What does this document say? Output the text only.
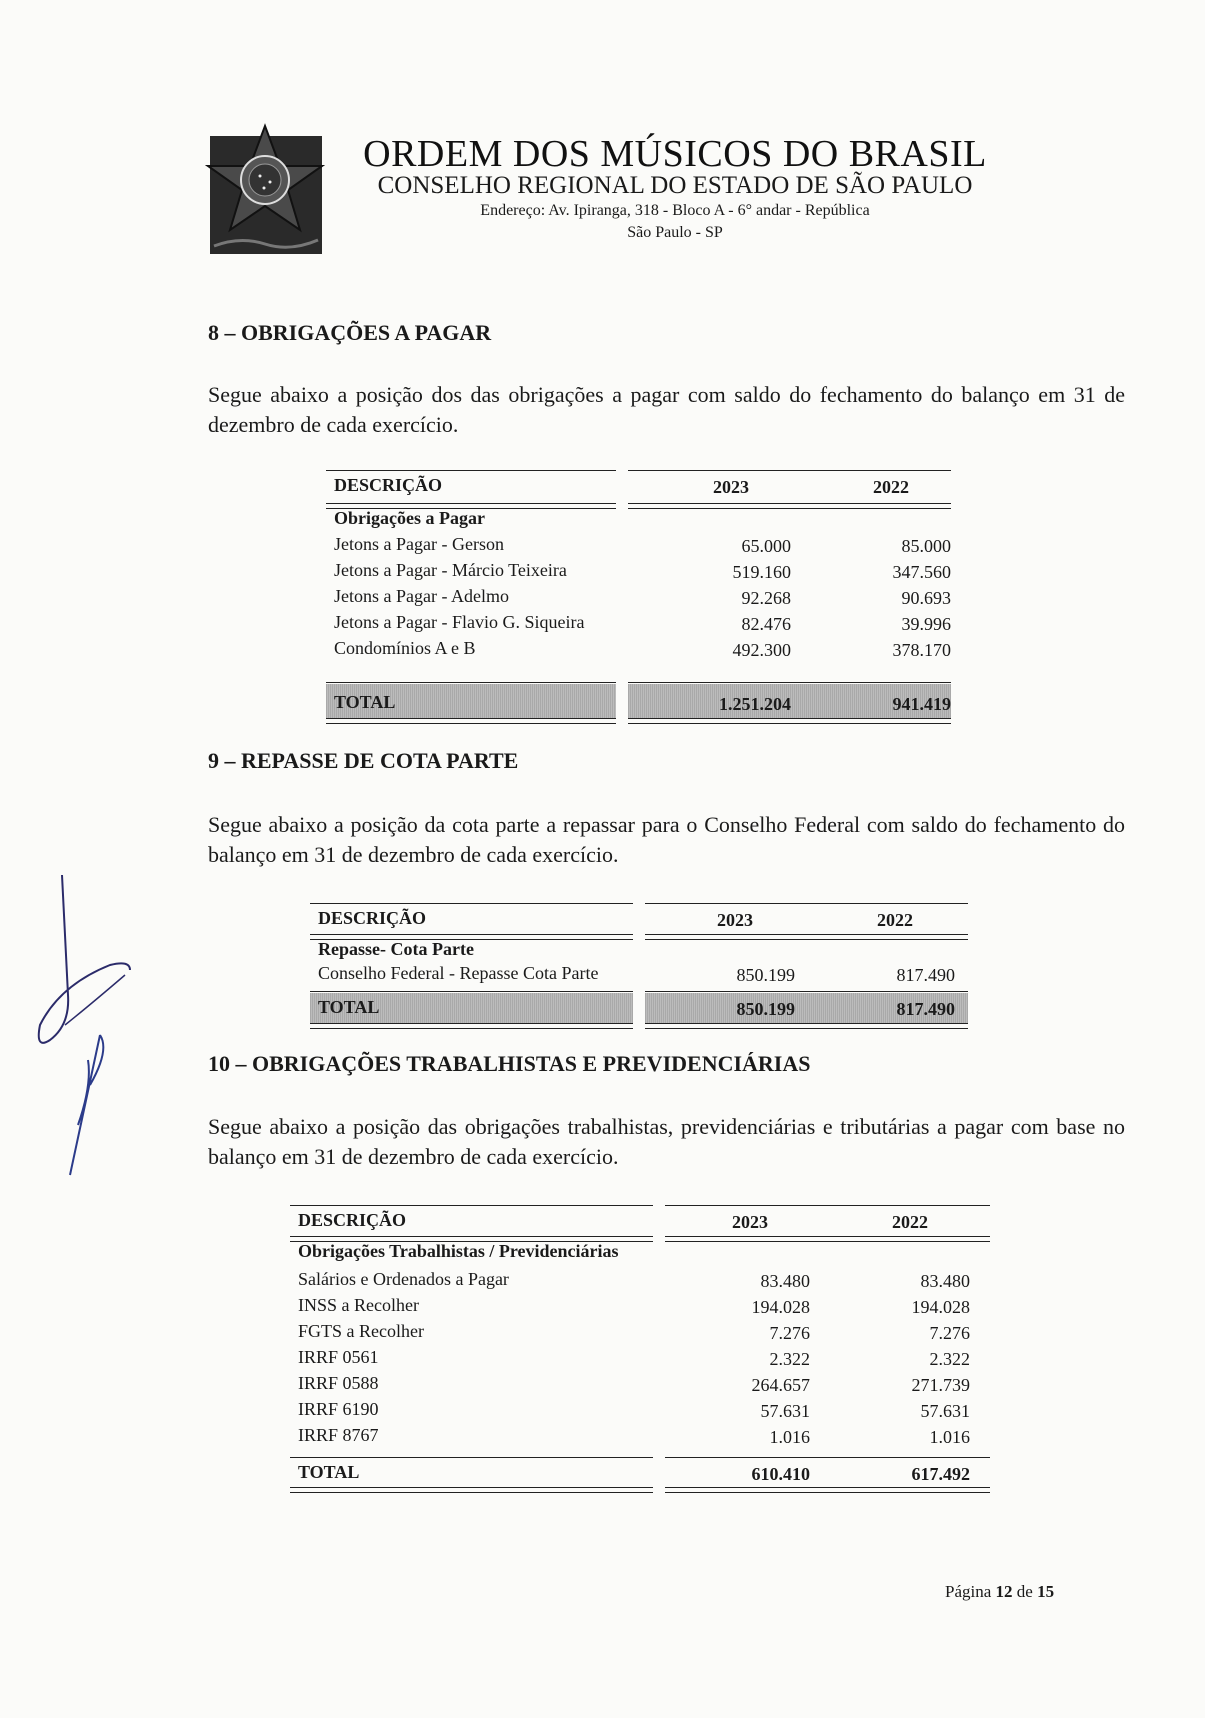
ORDEM DOS MÚSICOS DO BRASIL
CONSELHO REGIONAL DO ESTADO DE SÃO PAULO
Endereço: Av. Ipiranga, 318 - Bloco A - 6° andar - República
São Paulo - SP
8 – OBRIGAÇÕES A PAGAR
Segue abaixo a posição dos das obrigações a pagar com saldo do fechamento do balanço em 31 de dezembro de cada exercício.
DESCRIÇÃO	2023	2022
Obrigações a Pagar
Jetons a Pagar - Gerson	65.000	85.000
Jetons a Pagar - Márcio Teixeira	519.160	347.560
Jetons a Pagar - Adelmo	92.268	90.693
Jetons a Pagar - Flavio G. Siqueira	82.476	39.996
Condomínios A e B	492.300	378.170
TOTAL	1.251.204	941.419
9 – REPASSE DE COTA PARTE
Segue abaixo a posição da cota parte a repassar para o Conselho Federal com saldo do fechamento do balanço em 31 de dezembro de cada exercício.
DESCRIÇÃO	2023	2022
Repasse- Cota Parte
Conselho Federal - Repasse Cota Parte	850.199	817.490
TOTAL	850.199	817.490
10 – OBRIGAÇÕES TRABALHISTAS E PREVIDENCIÁRIAS
Segue abaixo a posição das obrigações trabalhistas, previdenciárias e tributárias a pagar com base no balanço em 31 de dezembro de cada exercício.
DESCRIÇÃO	2023	2022
Obrigações Trabalhistas / Previdenciárias
Salários e Ordenados a Pagar	83.480	83.480
INSS a Recolher	194.028	194.028
FGTS a Recolher	7.276	7.276
IRRF 0561	2.322	2.322
IRRF 0588	264.657	271.739
IRRF 6190	57.631	57.631
IRRF 8767	1.016	1.016
TOTAL	610.410	617.492
Página 12 de 15
